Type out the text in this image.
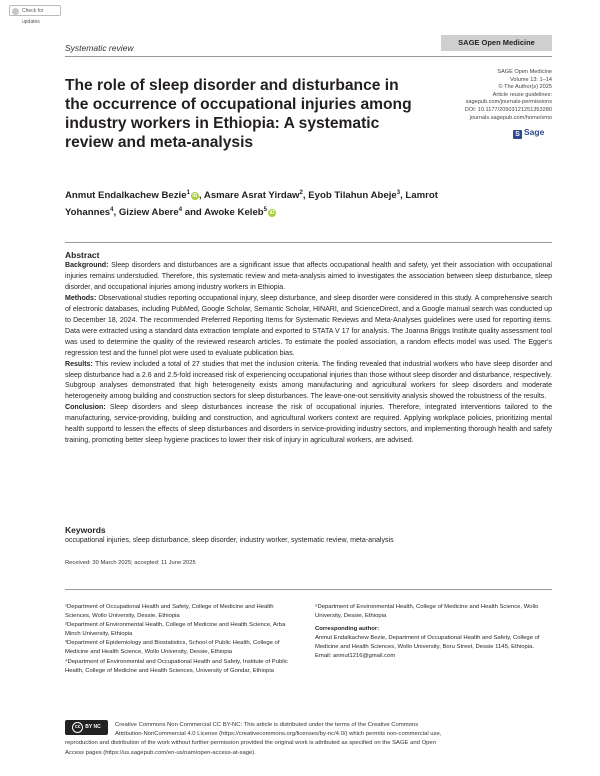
Check for updates
Systematic review
SAGE Open Medicine
The role of sleep disorder and disturbance in the occurrence of occupational injuries among industry workers in Ethiopia: A systematic review and meta-analysis
SAGE Open Medicine
Volume 13: 1–14
© The Author(s) 2025
Article reuse guidelines:
sagepub.com/journals-permissions
DOI: 10.1177/20503121251353280
journals.sagepub.com/home/smo
S Sage
Anmut Endalkachew Bezie$^1$iD , Asmare Asrat Yirdaw$^2$, Eyob Tilahun Abeje$^3$, Lamrot Yohannes$^4$, Giziew Abere$^4$ and Awoke Keleb$^5$iD
Abstract

Background: Sleep disorders and disturbances are a significant issue that affects occupational health and safety, yet their association with occupational injuries remains understudied. Therefore, this systematic review and meta-analysis aimed to investigates the association between sleep disturbance, sleep disorder, and occupational injuries among industry workers in Ethiopia.

Methods: Observational studies reporting occupational injury, sleep disturbance, and sleep disorder were considered in this study. A comprehensive search of electronic databases, including PubMed, Google Scholar, Semantic Scholar, HINARI, and ScienceDirect, and a Google manual search was conducted up to December 18, 2024. The recommended Preferred Reporting Items for Systematic Reviews and Meta-Analyses guidelines were used for reporting items. Data were extracted using a standard data extraction template and exported to STATA V 17 for analysis. The Joanna Briggs Institute quality assessment tool was used to determine the quality of the reviewed research articles. To estimate the pooled association, a random effects model was used. The Egger's regression test and the funnel plot were used to evaluate publication bias.

Results: This review included a total of 27 studies that met the inclusion criteria. The finding revealed that industrial workers who have sleep disorder and sleep disturbance had a 2.6 and 2.5-fold increased risk of experiencing occupational injuries than those without sleep disorder and disturbance, respectively. Subgroup analyses demonstrated that high heterogeneity exists among manufacturing and agricultural workers for sleep disorders and moderate heterogeneity among building and construction sectors for sleep disturbances. The leave-one-out sensitivity analysis showed the robustness of the results.

Conclusion: Sleep disorders and sleep disturbances increase the risk of occupational injuries. Therefore, integrated interventions tailored to the manufacturing, service-providing, building and construction, and agricultural workers context are required. Applying workplace policies, prioritizing mental health supportd to lessen the effects of sleep disturbances and disorders in service-providing industry sectors, and implementing thorough health and safety training, promoting better sleep hygiene practices to lower their risk of injury in agricultural workers, are advised.

Keywords
occupational injuries, sleep disturbance, sleep disorder, industry worker, systematic review, meta-analysis
Received: 30 March 2025; accepted: 11 June 2025

¹Department of Occupational Health and Safety, College of Medicine and Health Sciences, Wollo University, Dessie, Ethiopia

²Department of Environmental Health, College of Medicine and Health Science, Arba Minch University, Ethiopia

³Department of Epidemiology and Biostatistics, School of Public Health, College of Medicine and Health Science, Wollo University, Dessie, Ethiopia

⁴Department of Environmental and Occupational Health and Safety, Institute of Public Health, College of Medicine and Health Sciences, University of Gondar, Ethiopia

⁵Department of Environmental Health, College of Medicine and Health Science, Wollo University, Dessie, Ethiopia

Corresponding author:

Anmut Endalkachew Bezie, Department of Occupational Health and Safety, College of Medicine and Health Sciences, Wollo University, Boru Street, Dessie 1145, Ethiopia.

Email: anmut1216@gmail.com

cc BY NC	Creative Commons Non Commercial CC BY-NC: This article is distributed under the terms of the Creative Commons
Attribution-NonCommercial 4.0 License (https://creativecommons.org/licenses/by-nc/4.0/) which permits non-commercial use,
reproduction and distribution of the work without further permission provided the original work is attributed as specified on the SAGE and Open
Access pages (https://us.sagepub.com/en-us/nam/open-access-at-sage).
